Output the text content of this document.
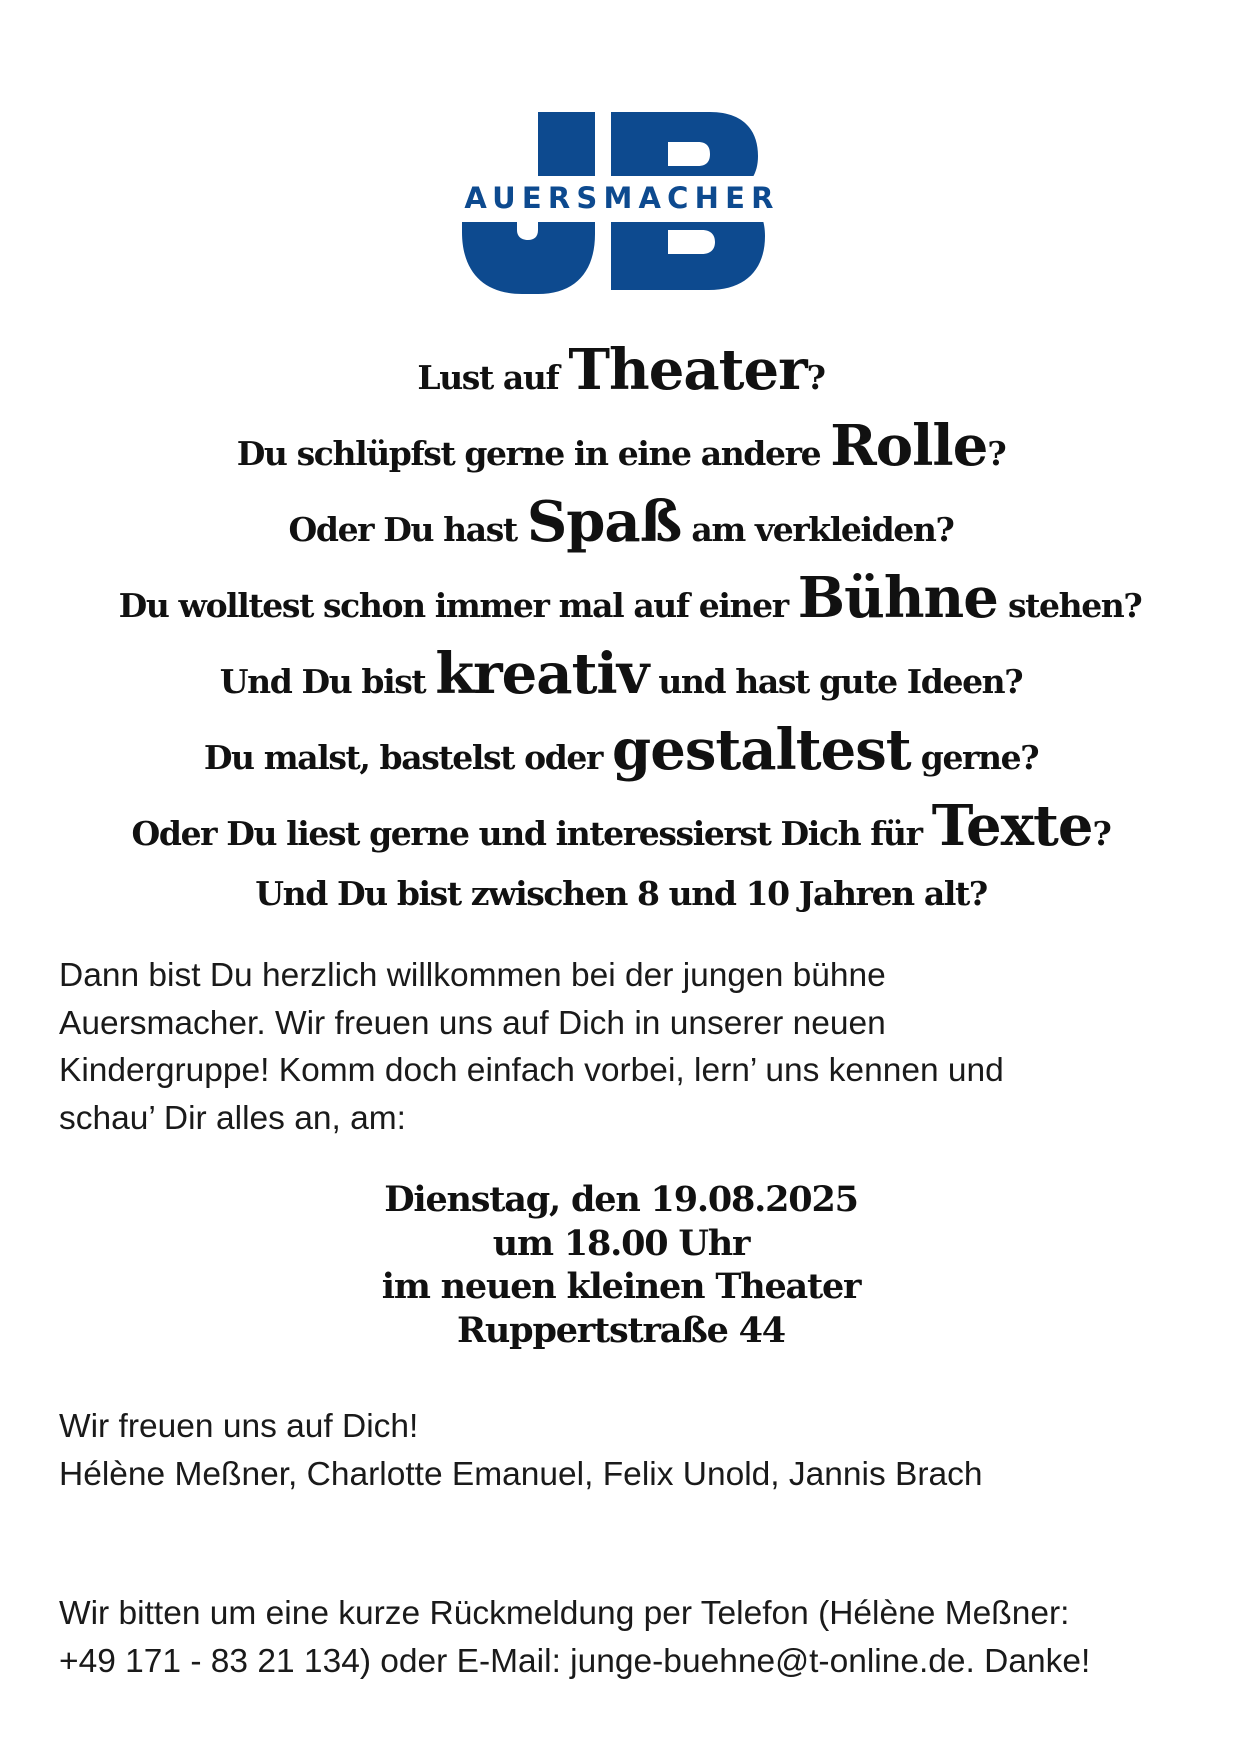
AUERSMACHER
Lust auf Theater?
Du schlüpfst gerne in eine andere Rolle?
Oder Du hast Spaß am verkleiden?
Du wolltest schon immer mal auf einer Bühne stehen?
Und Du bist kreativ und hast gute Ideen?
Du malst, bastelst oder gestaltest gerne?
Oder Du liest gerne und interessierst Dich für Texte?
Und Du bist zwischen 8 und 10 Jahren alt?
Dann bist Du herzlich willkommen bei der jungen bühne
Auersmacher. Wir freuen uns auf Dich in unserer neuen
Kindergruppe! Komm doch einfach vorbei, lern’ uns kennen und
schau’ Dir alles an, am:
Dienstag, den 19.08.2025
um 18.00 Uhr
im neuen kleinen Theater
Ruppertstraße 44
Wir freuen uns auf Dich!
Hélène Meßner, Charlotte Emanuel, Felix Unold, Jannis Brach
Wir bitten um eine kurze Rückmeldung per Telefon (Hélène Meßner:
+49 171 - 83 21 134) oder E-Mail: junge-buehne@t-online.de. Danke!
